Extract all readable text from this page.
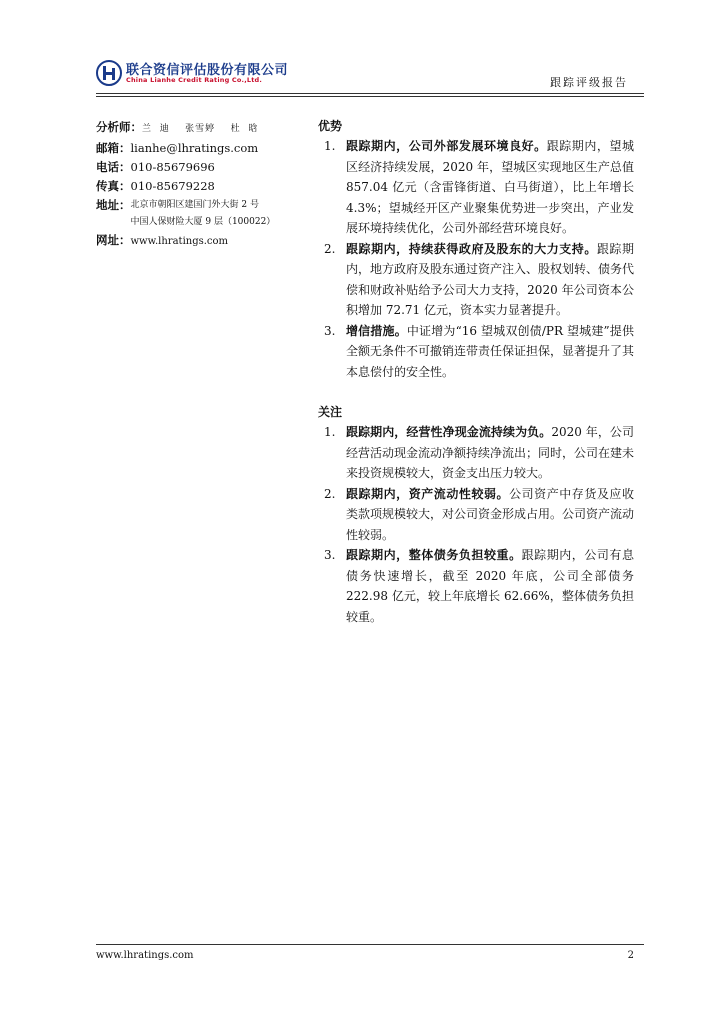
联合资信评估股份有限公司
China Lianhe Credit Rating Co.,Ltd.	跟踪评级报告
分析师：兰  迪    张雪婷    杜  晗
邮箱：lianhe@lhratings.com
电话：010-85679696
传真：010-85679228
地址： 北京市朝阳区建国门外大街 2 号
中国人保财险大厦 9 层（100022）
网址：www.lhratings.com
优势
1. 跟踪期内，公司外部发展环境良好。跟踪期内，望城区经济持续发展，2020 年，望城区实现地区生产总值 857.04 亿元（含雷锋街道、白马街道），比上年增长 4.3%；望城经开区产业聚集优势进一步突出，产业发展环境持续优化，公司外部经营环境良好。
2. 跟踪期内，持续获得政府及股东的大力支持。跟踪期内，地方政府及股东通过资产注入、股权划转、债务代偿和财政补贴给予公司大力支持，2020 年公司资本公积增加 72.71 亿元，资本实力显著提升。
3. 增信措施。中证增为“16 望城双创债/PR 望城建”提供全额无条件不可撤销连带责任保证担保，显著提升了其本息偿付的安全性。
关注
1. 跟踪期内，经营性净现金流持续为负。2020 年，公司经营活动现金流动净额持续净流出；同时，公司在建未来投资规模较大，资金支出压力较大。
2. 跟踪期内，资产流动性较弱。公司资产中存货及应收类款项规模较大，对公司资金形成占用。公司资产流动性较弱。
3. 跟踪期内，整体债务负担较重。跟踪期内，公司有息债务快速增长，截至 2020 年底，公司全部债务 222.98 亿元，较上年底增长 62.66%，整体债务负担较重。
www.lhratings.com	2
